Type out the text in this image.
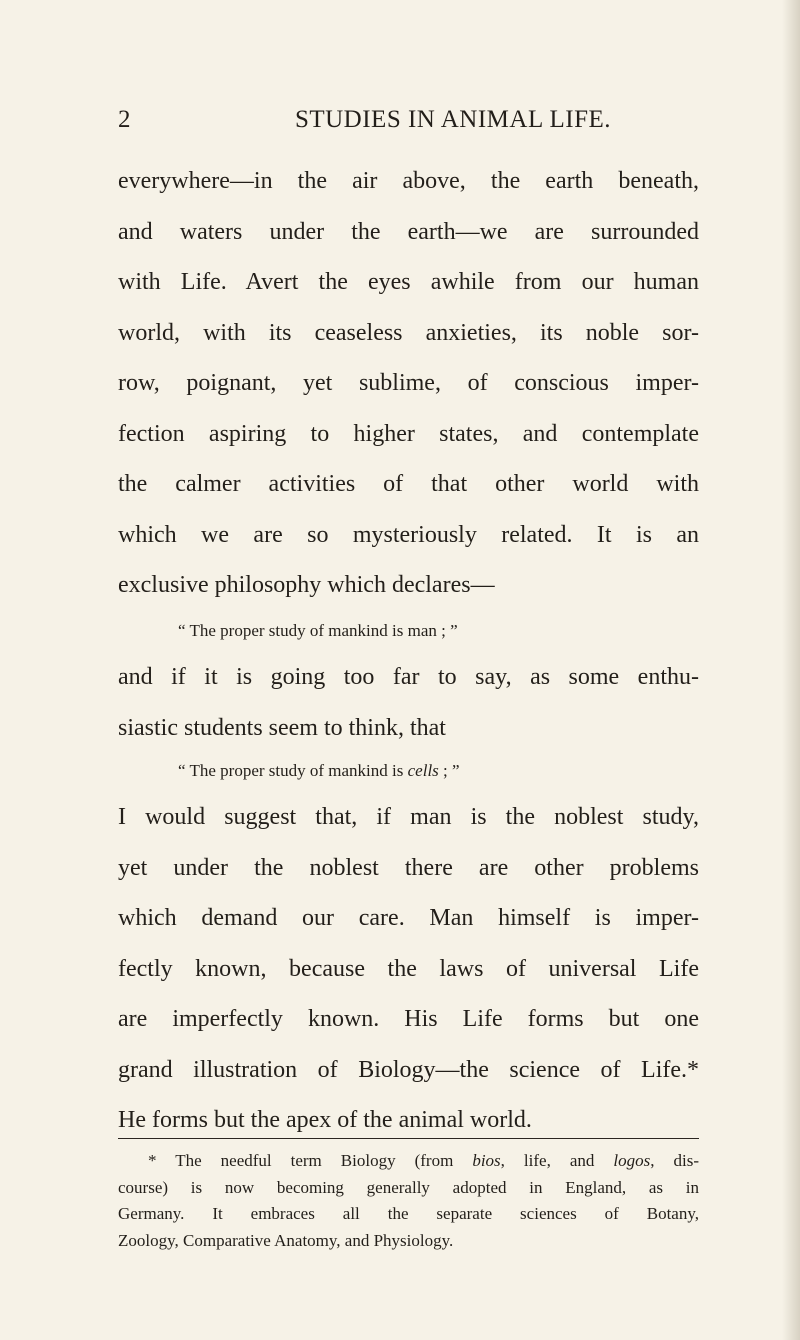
2	STUDIES IN ANIMAL LIFE.
everywhere—in the air above, the earth beneath,
and waters under the earth—we are surrounded
with Life. Avert the eyes awhile from our human
world, with its ceaseless anxieties, its noble sor-
row, poignant, yet sublime, of conscious imper-
fection aspiring to higher states, and contemplate
the calmer activities of that other world with
which we are so mysteriously related. It is an
exclusive philosophy which declares—
“ The proper study of mankind is man ; ”
and if it is going too far to say, as some enthu-
siastic students seem to think, that
“ The proper study of mankind is cells ; ”
I would suggest that, if man is the noblest study,
yet under the noblest there are other problems
which demand our care. Man himself is imper-
fectly known, because the laws of universal Life
are imperfectly known. His Life forms but one
grand illustration of Biology—the science of Life.*
He forms but the apex of the animal world.
* The needful term Biology (from bios, life, and logos, dis-
course) is now becoming generally adopted in England, as in
Germany. It embraces all the separate sciences of Botany,
Zoology, Comparative Anatomy, and Physiology.
